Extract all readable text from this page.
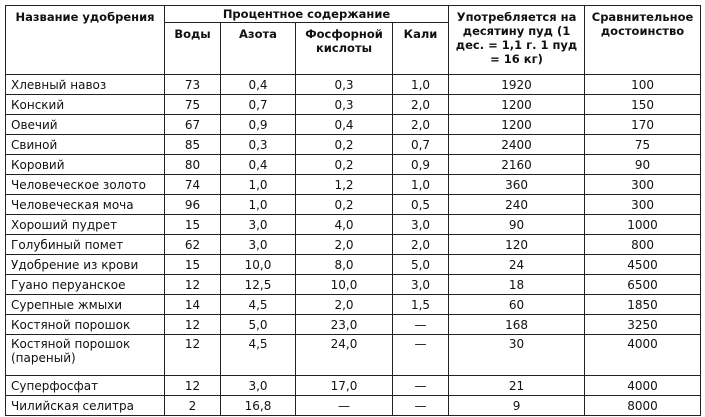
Название удобрения	Процентное содержание				Употребляется на десятину пуд (1 дес. = 1,1 г. 1 пуд = 16 кг)	Сравнительное достоинство
	Воды	Азота	Фосфорной кислоты	Кали		
Хлевный навоз	73	0,4	0,3	1,0	1920	100
Конский	75	0,7	0,3	2,0	1200	150
Овечий	67	0,9	0,4	2,0	1200	170
Свиной	85	0,3	0,2	0,7	2400	75
Коровий	80	0,4	0,2	0,9	2160	90
Человеческое золото	74	1,0	1,2	1,0	360	300
Человеческая моча	96	1,0	0,2	0,5	240	300
Хороший пудрет	15	3,0	4,0	3,0	90	1000
Голубиный помет	62	3,0	2,0	2,0	120	800
Удобрение из крови	15	10,0	8,0	5,0	24	4500
Гуано перуанское	12	12,5	10,0	3,0	18	6500
Сурепные жмыхи	14	4,5	2,0	1,5	60	1850
Костяной порошок	12	5,0	23,0	—	168	3250
Костяной порошок (пареный)	12	4,5	24,0	—	30	4000
Суперфосфат	12	3,0	17,0	—	21	4000
Чилийская селитра	2	16,8	—	—	9	8000
